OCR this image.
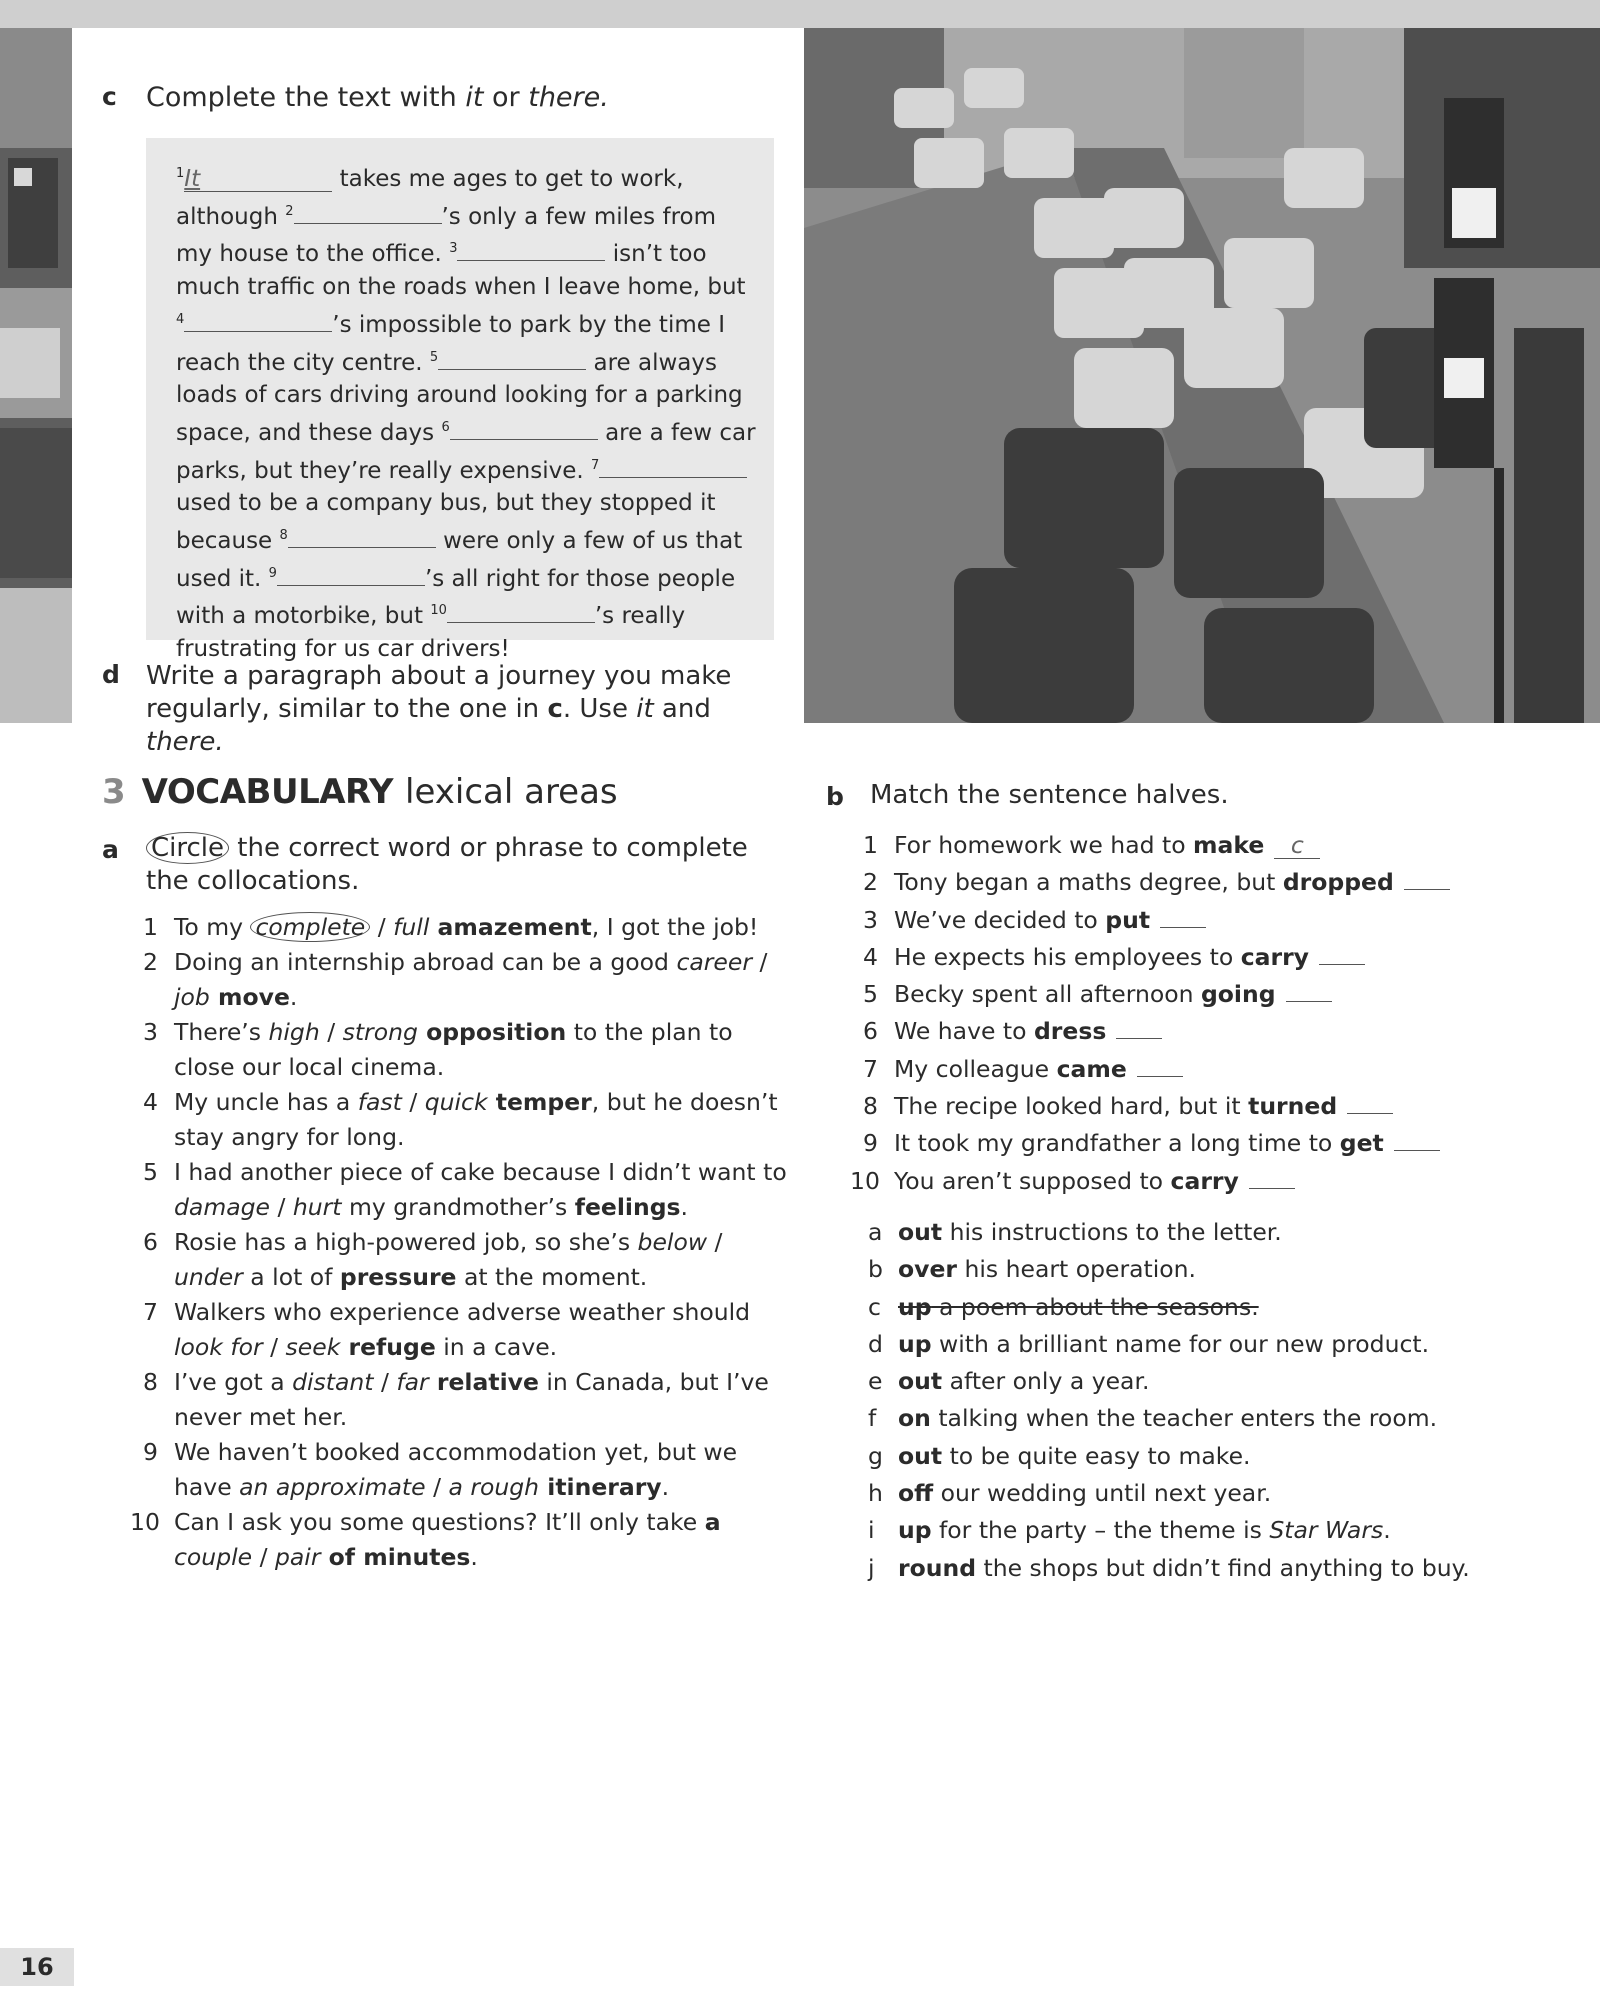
c Complete the text with it or there.
$^1$It	takes me ages to get to work, although $^2$	’s only a few miles from my house to the office. $^3$	isn’t too much traffic on the roads when I leave home, but $^4$	’s impossible to park by the time I reach the city centre. $^5$	are always loads of cars driving around looking for a parking space, and these days $^6$	are a few car parks, but they’re really expensive. $^7$ used to be a company bus, but they stopped it because $^8$	were only a few of us that used it. $^9$	’s all right for those people with a motorbike, but $^{10}$	’s really frustrating for us car drivers!
d Write a paragraph about a journey you make regularly, similar to the one in c. Use it and there.
3 VOCABULARY lexical areas
a Circle the correct word or phrase to complete the collocations.
1 To my complete / full amazement, I got the job!
2 Doing an internship abroad can be a good career / job move.
3 There’s high / strong opposition to the plan to close our local cinema.
4 My uncle has a fast / quick temper, but he doesn’t stay angry for long.
5 I had another piece of cake because I didn’t want to damage / hurt my grandmother’s feelings.
6 Rosie has a high-powered job, so she’s below / under a lot of pressure at the moment.
7 Walkers who experience adverse weather should look for / seek refuge in a cave.
8 I’ve got a distant / far relative in Canada, but I’ve never met her.
9 We haven’t booked accommodation yet, but we have an approximate / a rough itinerary.
10 Can I ask you some questions? It’ll only take a couple / pair of minutes.
b Match the sentence halves.
1 For homework we had to make c
2 Tony began a maths degree, but dropped
3 We’ve decided to put
4 He expects his employees to carry
5 Becky spent all afternoon going
6 We have to dress
7 My colleague came
8 The recipe looked hard, but it turned
9 It took my grandfather a long time to get
10 You aren’t supposed to carry
a out his instructions to the letter.
b over his heart operation.
c up a poem about the seasons.
d up with a brilliant name for our new product.
e out after only a year.
f on talking when the teacher enters the room.
g out to be quite easy to make.
h off our wedding until next year.
i up for the party – the theme is Star Wars.
j round the shops but didn’t find anything to buy.
16
